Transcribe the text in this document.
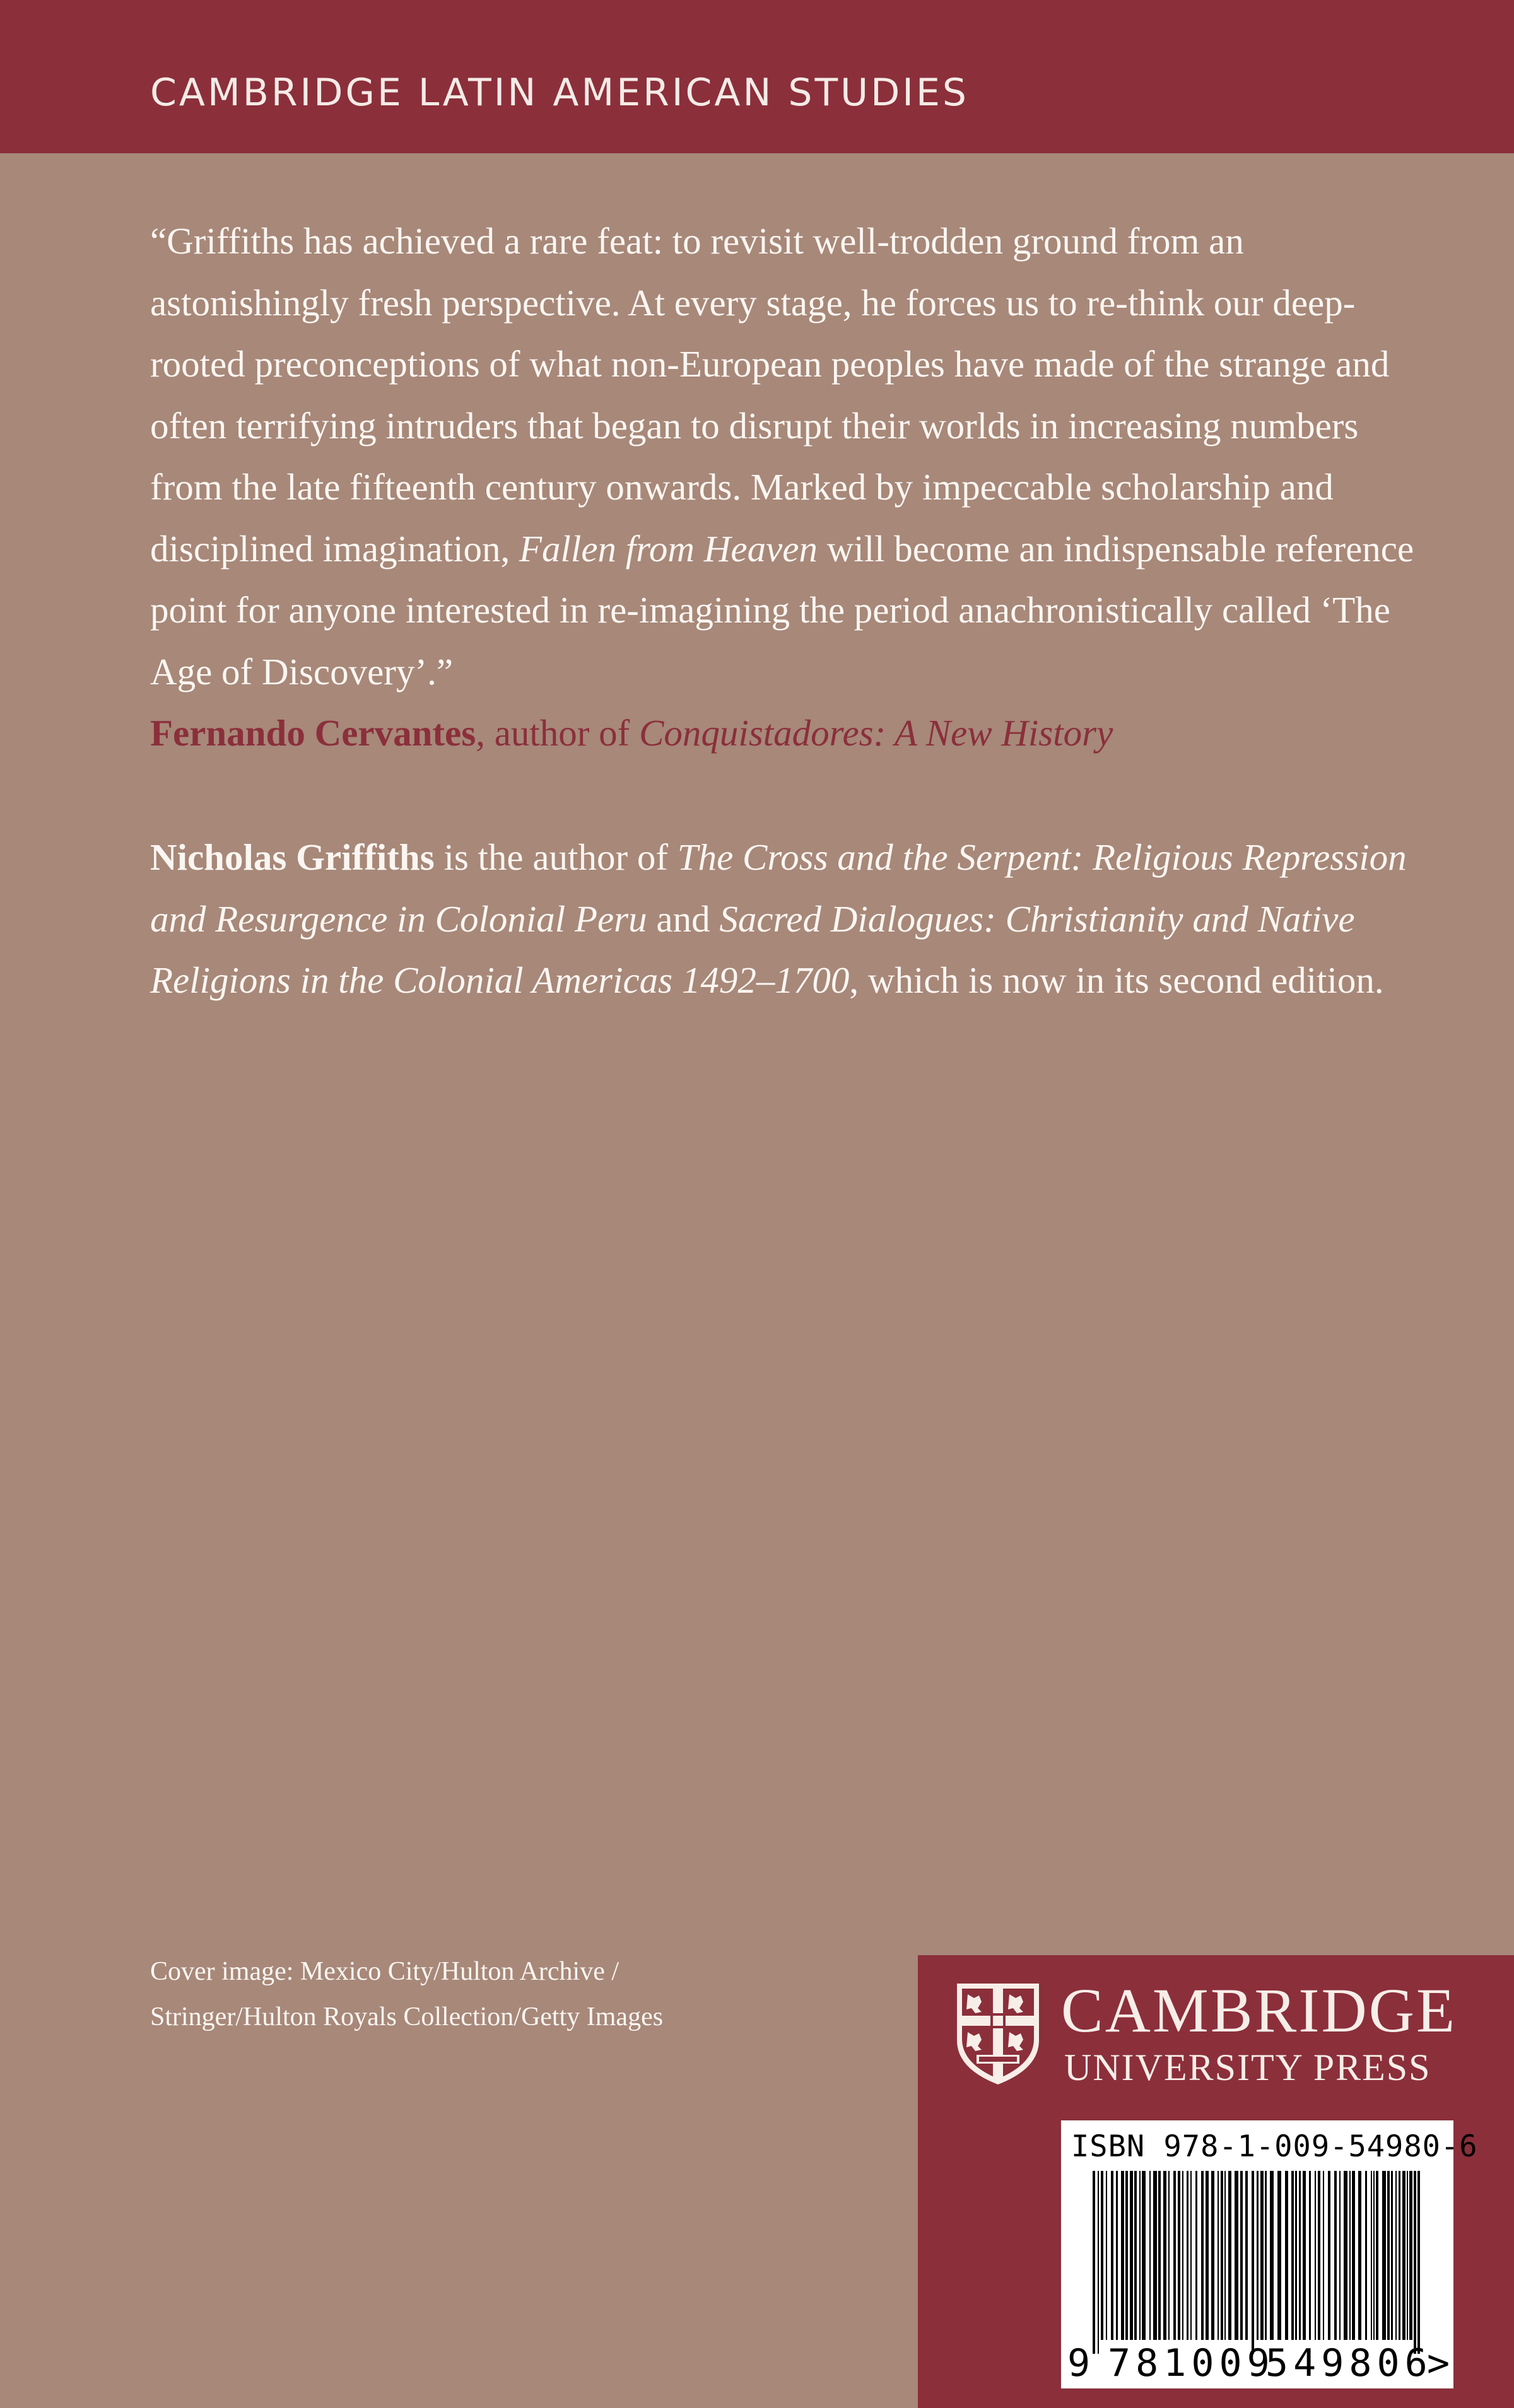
CAMBRIDGE LATIN AMERICAN STUDIES
“Griffiths has achieved a rare feat: to revisit well-trodden ground from an astonishingly fresh perspective. At every stage, he forces us to re-think our deep-rooted preconceptions of what non-European peoples have made of the strange and often terrifying intruders that began to disrupt their worlds in increasing numbers from the late fifteenth century onwards. Marked by impeccable scholarship and disciplined imagination, Fallen from Heaven will become an indispensable reference point for anyone interested in re-imagining the period anachronistically called ‘The Age of Discovery’.”
Fernando Cervantes, author of Conquistadores: A New History
Nicholas Griffiths is the author of The Cross and the Serpent: Religious Repression and Resurgence in Colonial Peru and Sacred Dialogues: Christianity and Native Religions in the Colonial Americas 1492–1700, which is now in its second edition.
Cover image: Mexico City/Hulton Archive /
Stringer/Hulton Royals Collection/Getty Images	CAMBRIDGE
UNIVERSITY PRESS
ISBN 978-1-009-54980-6
9 781009
549806
>
